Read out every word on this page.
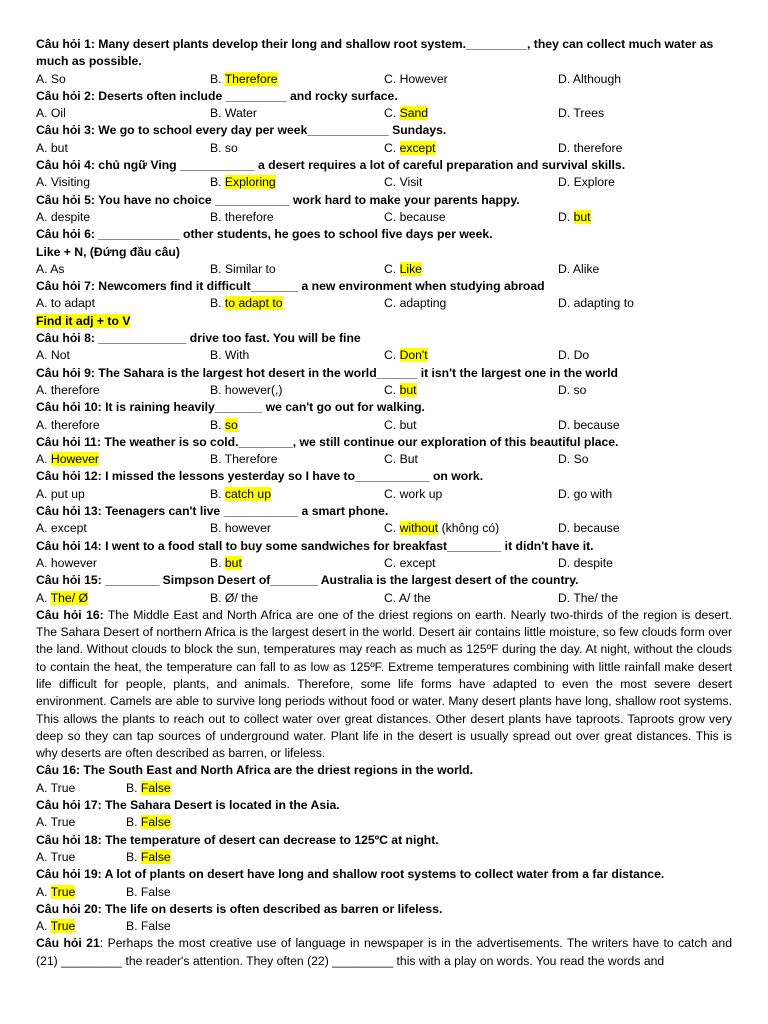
Câu hỏi 1: Many desert plants develop their long and shallow root system._________, they can collect much water as much as possible.
A. So	B. Therefore	C. However	D. Although
Câu hỏi 2: Deserts often include _________ and rocky surface.
A. Oil	B. Water	C. Sand	D. Trees
Câu hỏi 3: We go to school every day per week____________ Sundays.
A. but	B. so	C. except	D. therefore
Câu hỏi 4: chủ ngữ Ving ___________ a desert requires a lot of careful preparation and survival skills.
A. Visiting	B. Exploring	C. Visit	D. Explore
Câu hỏi 5: You have no choice ___________ work hard to make your parents happy.
A. despite	B. therefore	C. because	D. but
Câu hỏi 6: ____________ other students, he goes to school five days per week.
Like + N, (Đứng đầu câu)
A. As	B. Similar to	C. Like	D. Alike
Câu hỏi 7: Newcomers find it difficult_______ a new environment when studying abroad
A. to adapt	B. to adapt to	C. adapting	D. adapting to
Find it adj + to V
Câu hỏi 8: _____________ drive too fast. You will be fine
A. Not	B. With	C. Don't	D. Do
Câu hỏi 9: The Sahara is the largest hot desert in the world______ it isn't the largest one in the world
A. therefore	B. however(,)	C. but	D. so
Câu hỏi 10: It is raining heavily_______ we can't go out for walking.
A. therefore	B. so	C. but	D. because
Câu hỏi 11: The weather is so cold.________, we still continue our exploration of this beautiful place.
A. However	B. Therefore	C. But	D. So
Câu hỏi 12: I missed the lessons yesterday so I have to___________ on work.
A. put up	B. catch up	C. work up	D. go with
Câu hỏi 13: Teenagers can't live ___________ a smart phone.
A. except	B. however	C. without (không có)	D. because
Câu hỏi 14: I went to a food stall to buy some sandwiches for breakfast________ it didn't have it.
A. however	B. but	C. except	D. despite
Câu hỏi 15: ________ Simpson Desert of_______ Australia is the largest desert of the country.
A. The/ Ø	B. Ø/ the	C. A/ the	D. The/ the
Câu hỏi 16: The Middle East and North Africa are one of the driest regions on earth. Nearly two-thirds of the region is desert. The Sahara Desert of northern Africa is the largest desert in the world. Desert air contains little moisture, so few clouds form over the land. Without clouds to block the sun, temperatures may reach as much as 125ºF during the day. At night, without the clouds to contain the heat, the temperature can fall to as low as 125ºF. Extreme temperatures combining with little rainfall make desert life difficult for people, plants, and animals. Therefore, some life forms have adapted to even the most severe desert environment. Camels are able to survive long periods without food or water. Many desert plants have long, shallow root systems. This allows the plants to reach out to collect water over great distances. Other desert plants have taproots. Taproots grow very deep so they can tap sources of underground water. Plant life in the desert is usually spread out over great distances. This is why deserts are often described as barren, or lifeless.
Câu 16: The South East and North Africa are the driest regions in the world.
A. True	B. False
Câu hỏi 17: The Sahara Desert is located in the Asia.
A. True	B. False
Câu hỏi 18: The temperature of desert can decrease to 125ºC at night.
A. True	B. False
Câu hỏi 19: A lot of plants on desert have long and shallow root systems to collect water from a far distance.
A. True	B. False
Câu hỏi 20: The life on deserts is often described as barren or lifeless.
A. True	B. False
Câu hỏi 21: Perhaps the most creative use of language in newspaper is in the advertisements. The writers have to catch and (21) _________ the reader's attention. They often (22) _________ this with a play on words. You read the words and
